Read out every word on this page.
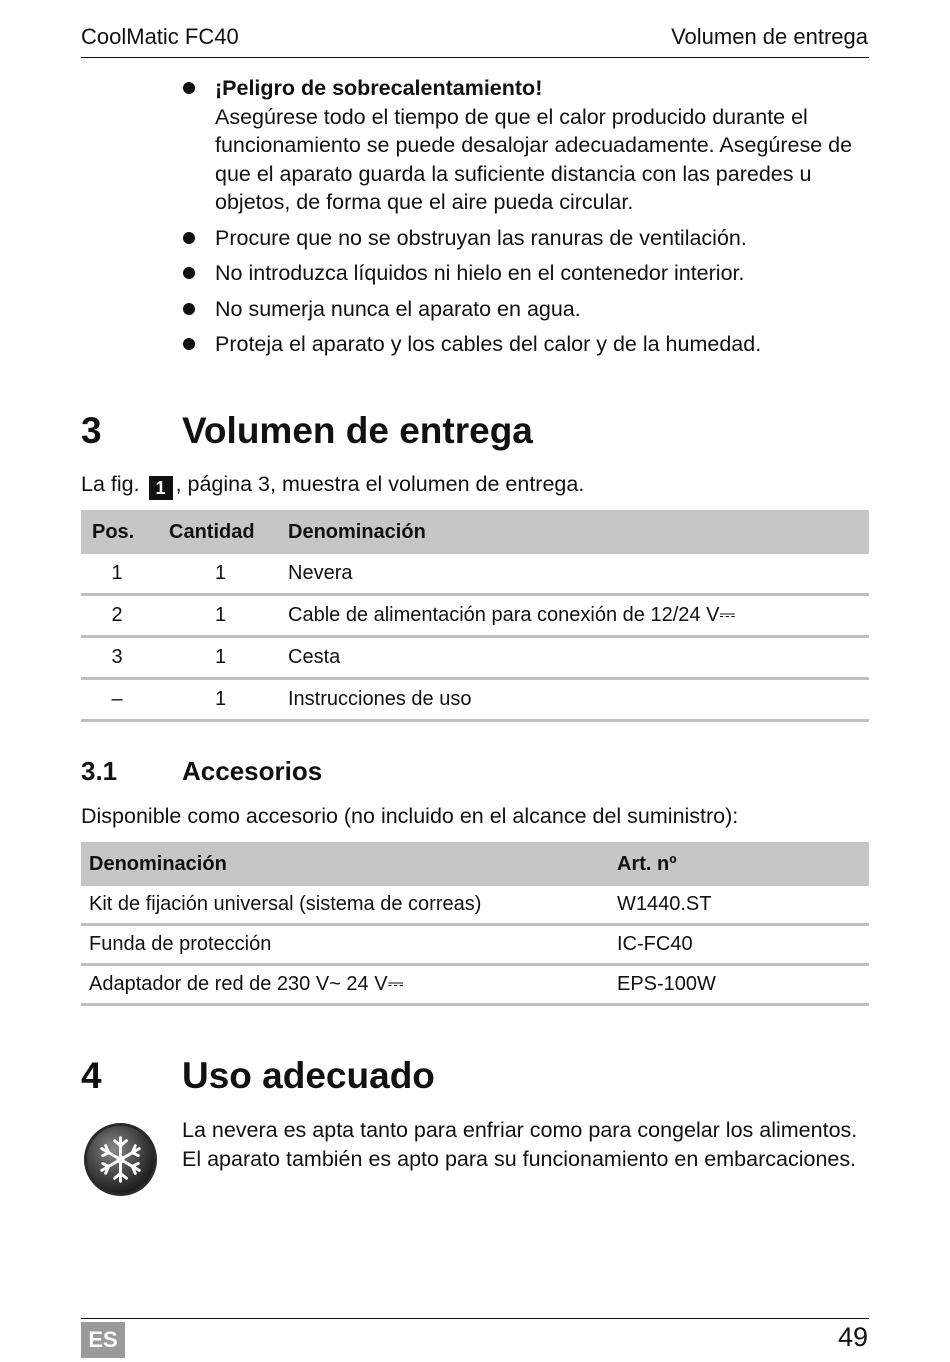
CoolMatic FC40	Volumen de entrega
¡Peligro de sobrecalentamiento!
Asegúrese todo el tiempo de que el calor producido durante el funcionamiento se puede desalojar adecuadamente. Asegúrese de que el aparato guarda la suficiente distancia con las paredes u objetos, de forma que el aire pueda circular.
Procure que no se obstruyan las ranuras de ventilación.
No introduzca líquidos ni hielo en el contenedor interior.
No sumerja nunca el aparato en agua.
Proteja el aparato y los cables del calor y de la humedad.
3 Volumen de entrega
La fig. 1 , página 3, muestra el volumen de entrega.
Pos.	Cantidad	Denominación
1	1	Nevera
2	1	Cable de alimentación para conexión de 12/24 V⎓
3	1	Cesta
–	1	Instrucciones de uso
3.1 Accesorios
Disponible como accesorio (no incluido en el alcance del suministro):
Denominación	Art. nº
Kit de fijación universal (sistema de correas)	W1440.ST
Funda de protección	IC-FC40
Adaptador de red de 230 V~ 24 V⎓	EPS-100W
4 Uso adecuado
La nevera es apta tanto para enfriar como para congelar los alimentos. El aparato también es apto para su funcionamiento en embarcaciones.
ES	49
